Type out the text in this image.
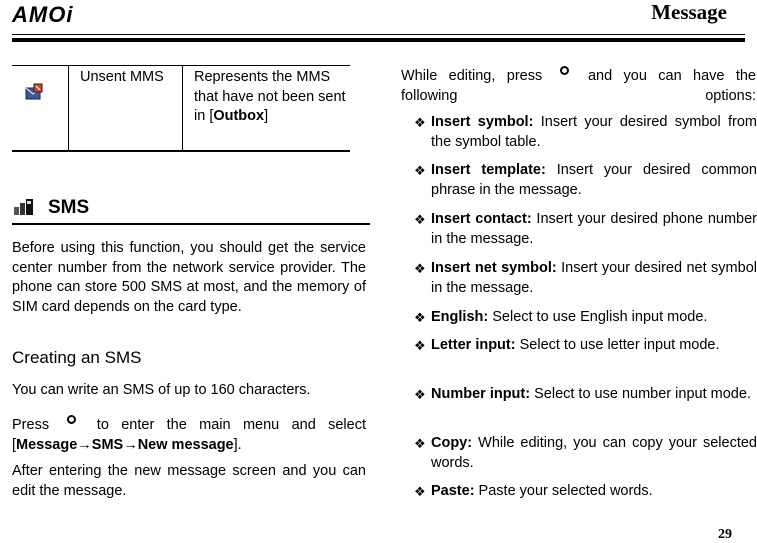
AMOi	Message
Unsent MMS	Represents the MMS that have not been sent in [Outbox]
SMS
Before using this function, you should get the service center number from the network service provider. The phone can store 500 SMS at most, and the memory of SIM card depends on the card type.
Creating an SMS
You can write an SMS of up to 160 characters.
Press	to enter the main menu and select
[Message→SMS→New message].
After entering the new message screen and you can edit the message.
While editing, press	and you can have the following options:
❖ Insert symbol: Insert your desired symbol from the symbol table.
❖ Insert template: Insert your desired common phrase in the message.
❖ Insert contact: Insert your desired phone number in the message.
❖ Insert net symbol: Insert your desired net symbol in the message.
❖ English: Select to use English input mode.
❖ Letter input: Select to use letter input mode.
❖ Number input: Select to use number input mode.
❖ Copy: While editing, you can copy your selected words.
❖ Paste: Paste your selected words.
29
